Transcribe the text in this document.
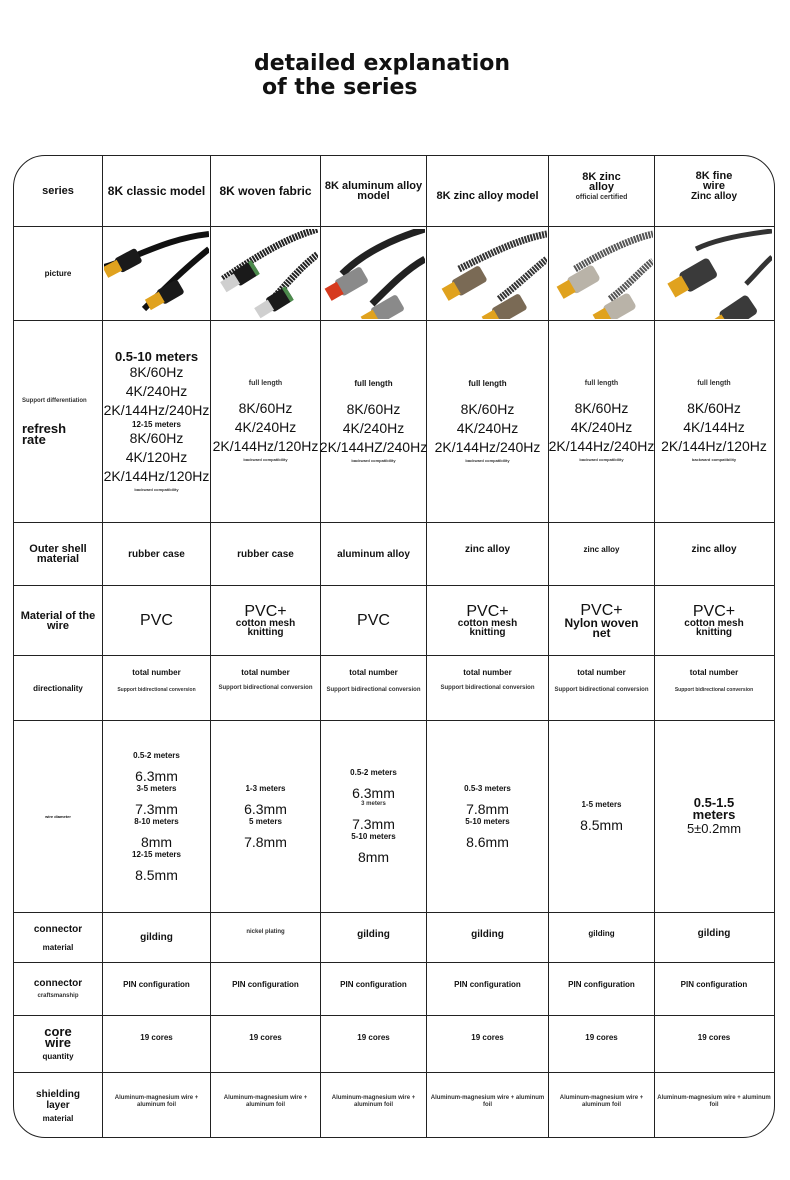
detailed explanation
of the series
series
picture
Support differentiation
refresh rate
Outer shell material
Material of the wire
directionality
wire diameter
connector
material
connector
craftsmanship
core
wire
quantity
shielding
layer
material
8K classic model
0.5-10 meters
8K/60Hz
4K/240Hz
2K/144Hz/240Hz
12-15 meters
8K/60Hz
4K/120Hz
2K/144Hz/120Hz
backward compatibility
rubber case
PVC
total number
Support bidirectional conversion
0.5-2 meters
6.3mm
3-5 meters
7.3mm
8-10 meters
8mm
12-15 meters
8.5mm
gilding
PIN configuration
19 cores
Aluminum-magnesium wire + aluminum foil
8K woven fabric
full length
8K/60Hz
4K/240Hz
2K/144Hz/120Hz
backward compatibility
rubber case
PVC+
cotton mesh knitting
total number
Support bidirectional conversion
1-3 meters
6.3mm
5 meters
7.8mm
nickel plating
PIN configuration
19 cores
Aluminum-magnesium wire + aluminum foil
8K aluminum alloy model
full length
8K/60Hz
4K/240Hz
2K/144HZ/240Hz
backward compatibility
aluminum alloy
PVC
total number
Support bidirectional conversion
0.5-2 meters
6.3mm
3 meters
7.3mm
5-10 meters
8mm
gilding
PIN configuration
19 cores
Aluminum-magnesium wire + aluminum foil
8K zinc alloy model
full length
8K/60Hz
4K/240Hz
2K/144Hz/240Hz
backward compatibility
zinc alloy
PVC+
cotton mesh knitting
total number
Support bidirectional conversion
0.5-3 meters
7.8mm
5-10 meters
8.6mm
gilding
PIN configuration
19 cores
Aluminum-magnesium wire + aluminum foil
8K zinc alloy
official certified
full length
8K/60Hz
4K/240Hz
2K/144Hz/240Hz
backward compatibility
zinc alloy
PVC+
Nylon woven net
total number
Support bidirectional conversion
1-5 meters
8.5mm
gilding
PIN configuration
19 cores
Aluminum-magnesium wire + aluminum foil
8K fine wire
Zinc alloy
full length
8K/60Hz
4K/144Hz
2K/144Hz/120Hz
backward compatibility
zinc alloy
PVC+
cotton mesh knitting
total number
Support bidirectional conversion
0.5-1.5 meters
5±0.2mm
gilding
PIN configuration
19 cores
Aluminum-magnesium wire + aluminum foil
